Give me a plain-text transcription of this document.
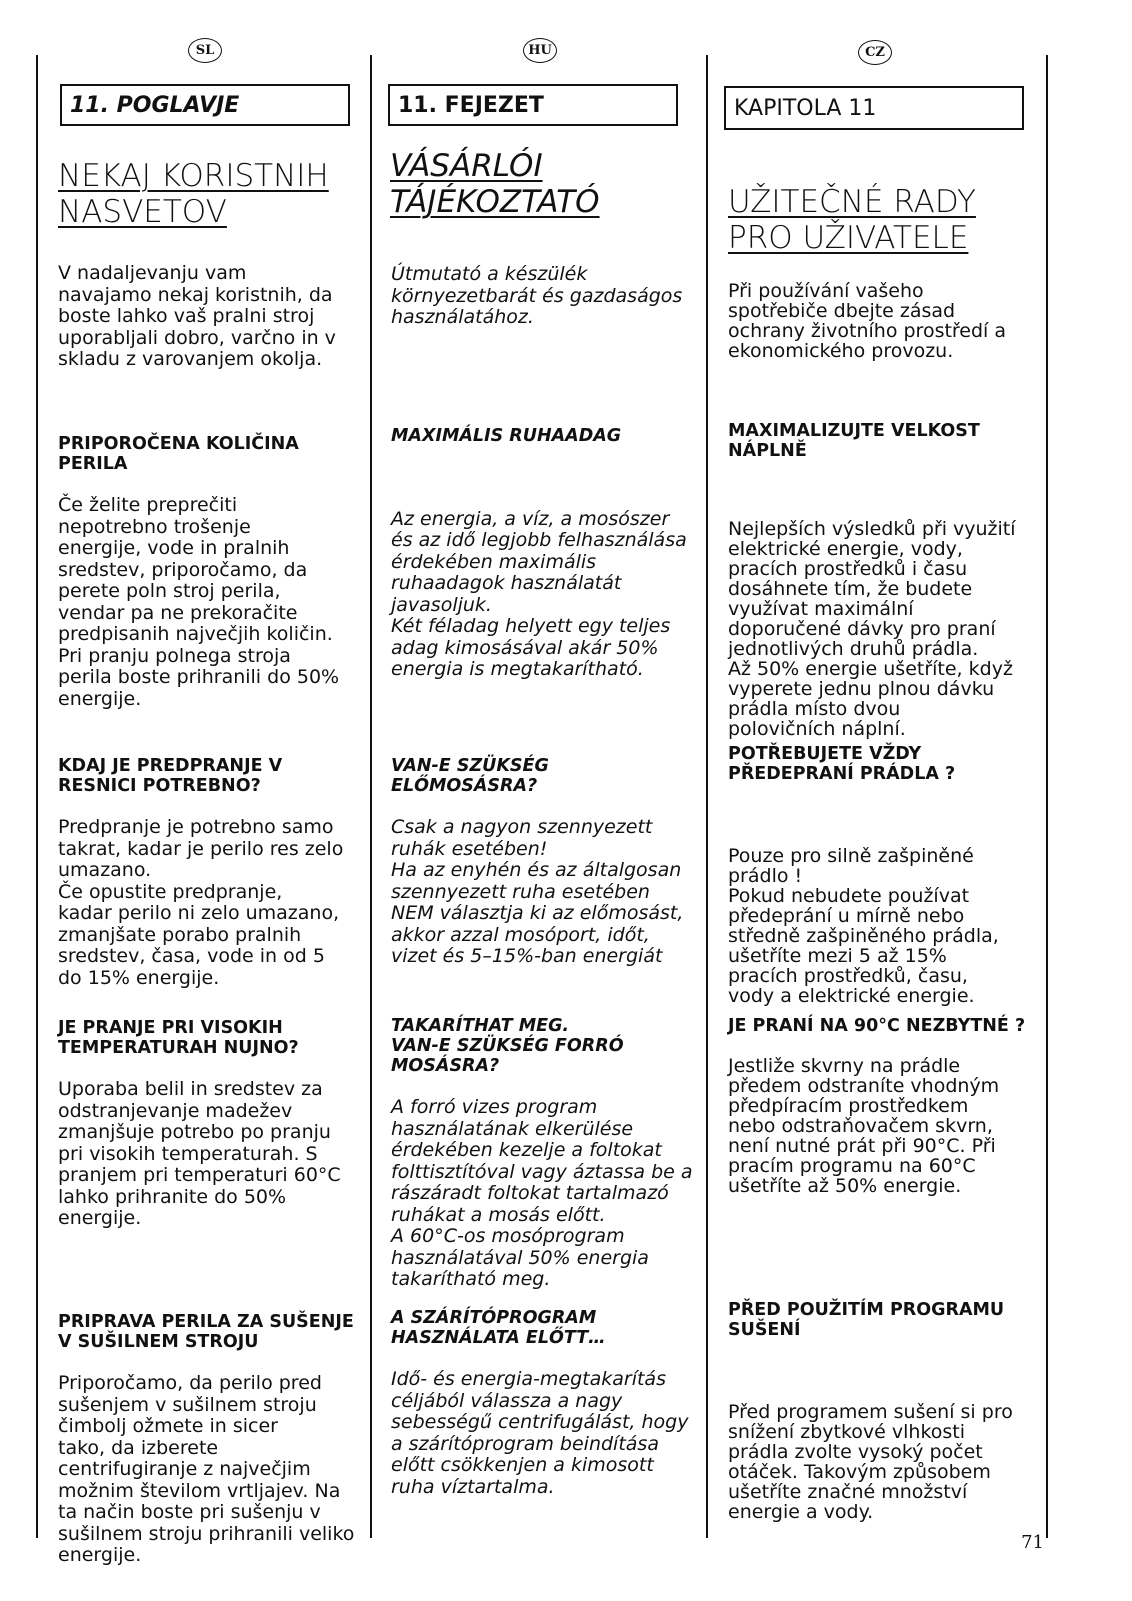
SL
11. POGLAVJE
NEKAJ KORISTNIH
NASVETOV
V nadaljevanju vam
navajamo nekaj koristnih, da
boste lahko vaš pralni stroj
uporabljali dobro, varčno in v
skladu z varovanjem okolja.

PRIPOROČENA KOLIČINA
PERILA

Če želite preprečiti
nepotrebno trošenje
energije, vode in pralnih
sredstev, priporočamo, da
perete poln stroj perila,
vendar pa ne prekoračite
predpisanih največjih količin.
Pri pranju polnega stroja
perila boste prihranili do 50%
energije.

KDAJ JE PREDPRANJE V
RESNICI POTREBNO?

Predpranje je potrebno samo
takrat, kadar je perilo res zelo
umazano.
Če opustite predpranje,
kadar perilo ni zelo umazano,
zmanjšate porabo pralnih
sredstev, časa, vode in od 5
do 15% energije.

JE PRANJE PRI VISOKIH
TEMPERATURAH NUJNO?

Uporaba belil in sredstev za
odstranjevanje madežev
zmanjšuje potrebo po pranju
pri visokih temperaturah. S
pranjem pri temperaturi 60°C
lahko prihranite do 50%
energije.

PRIPRAVA PERILA ZA SUŠENJE
V SUŠILNEM STROJU

Priporočamo, da perilo pred
sušenjem v sušilnem stroju
čimbolj ožmete in sicer
tako, da izberete
centrifugiranje z največjim
možnim številom vrtljajev. Na
ta način boste pri sušenju v
sušilnem stroju prihranili veliko
energije.

HU
11. FEJEZET
VÁSÁRLÓI
TÁJÉKOZTATÓ
Útmutató a készülék
környezetbarát és gazdaságos
használatához.

MAXIMÁLIS RUHAADAG

Az energia, a víz, a mosószer
és az idő legjobb felhasználása
érdekében maximális
ruhaadagok használatát
javasoljuk.
Két féladag helyett egy teljes
adag kimosásával akár 50%
energia is megtakarítható.

VAN-E SZÜKSÉG
ELŐMOSÁSRA?

Csak a nagyon szennyezett
ruhák esetében!
Ha az enyhén és az általgosan
szennyezett ruha esetében
NEM választja ki az előmosást,
akkor azzal mosóport, időt,
vizet és 5–15%-ban energiát

TAKARÍTHAT MEG.
VAN-E SZÜKSÉG FORRÓ
MOSÁSRA?

A forró vizes program
használatának elkerülése
érdekében kezelje a foltokat
folttisztítóval vagy áztassa be a
rászáradt foltokat tartalmazó
ruhákat a mosás előtt.
A 60°C-os mosóprogram
használatával 50% energia
takarítható meg.

A SZÁRÍTÓPROGRAM
HASZNÁLATA ELŐTT…

Idő- és energia-megtakarítás
céljából válassza a nagy
sebességű centrifugálást, hogy
a szárítóprogram beindítása
előtt csökkenjen a kimosott
ruha víztartalma.

CZ
KAPITOLA 11
UŽITEČNÉ RADY
PRO UŽIVATELE
Při používání vašeho
spotřebiče dbejte zásad
ochrany životního prostředí a
ekonomického provozu.

MAXIMALIZUJTE VELKOST
NÁPLNĚ

Nejlepších výsledků při využití
elektrické energie, vody,
pracích prostředků i času
dosáhnete tím, že budete
využívat maximální
doporučené dávky pro praní
jednotlivých druhů prádla.
Až 50% energie ušetříte, když
vyperete jednu plnou dávku
prádla místo dvou
polovičních náplní.

POTŘEBUJETE VŽDY
PŘEDEPRANÍ PRÁDLA ?

Pouze pro silně zašpiněné
prádlo !
Pokud nebudete používat
předeprání u mírně nebo
středně zašpiněného prádla,
ušetříte mezi 5 až 15%
pracích prostředků, času,
vody a elektrické energie.

JE PRANÍ NA 90°C NEZBYTNÉ ?

Jestliže skvrny na prádle
předem odstraníte vhodným
předpíracím prostředkem
nebo odstraňovačem skvrn,
není nutné prát při 90°C. Při
pracím programu na 60°C
ušetříte až 50% energie.

PŘED POUŽITÍM PROGRAMU
SUŠENÍ

Před programem sušení si pro
snížení zbytkové vlhkosti
prádla zvolte vysoký počet
otáček. Takovým způsobem
ušetříte značné množství
energie a vody.

71
